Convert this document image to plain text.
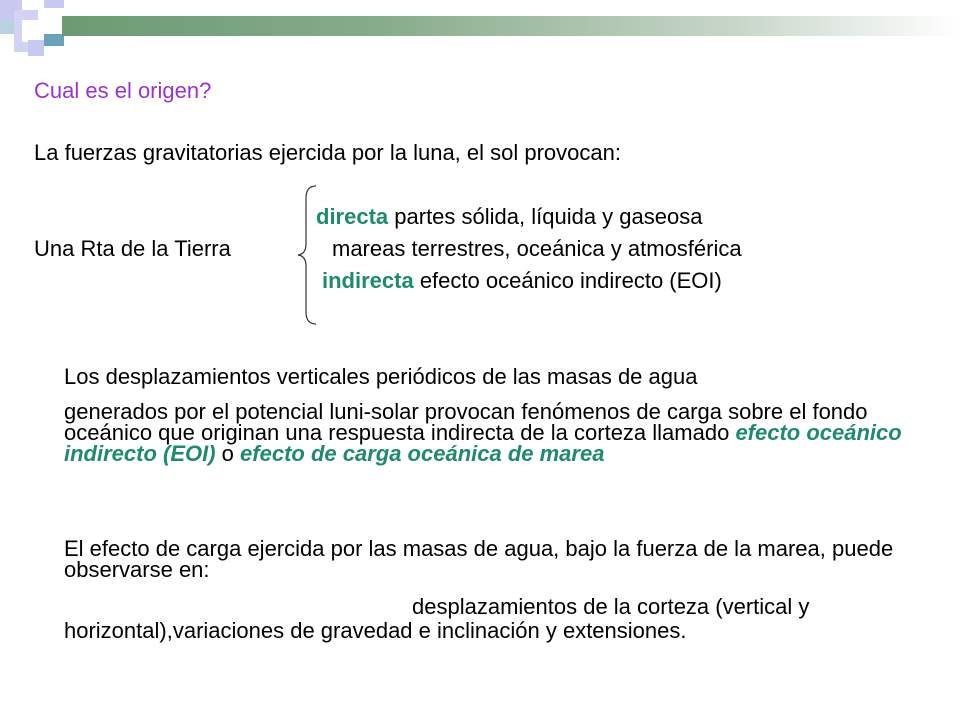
Cual es el origen?
La fuerzas gravitatorias ejercida por la luna, el sol provocan:
Una Rta de la Tierra
directa partes sólida, líquida y gaseosa
mareas terrestres, oceánica y atmosférica
indirecta efecto oceánico indirecto (EOI)
Los desplazamientos verticales periódicos de las masas de agua
generados por el potencial luni-solar provocan fenómenos de carga sobre el fondo oceánico que originan una respuesta indirecta de la corteza llamado efecto oceánico indirecto (EOI) o efecto de carga oceánica de marea
El efecto de carga ejercida por las masas de agua, bajo la fuerza de la marea, puede observarse en:
desplazamientos de la corteza (vertical y
horizontal),variaciones de gravedad e inclinación y extensiones.
